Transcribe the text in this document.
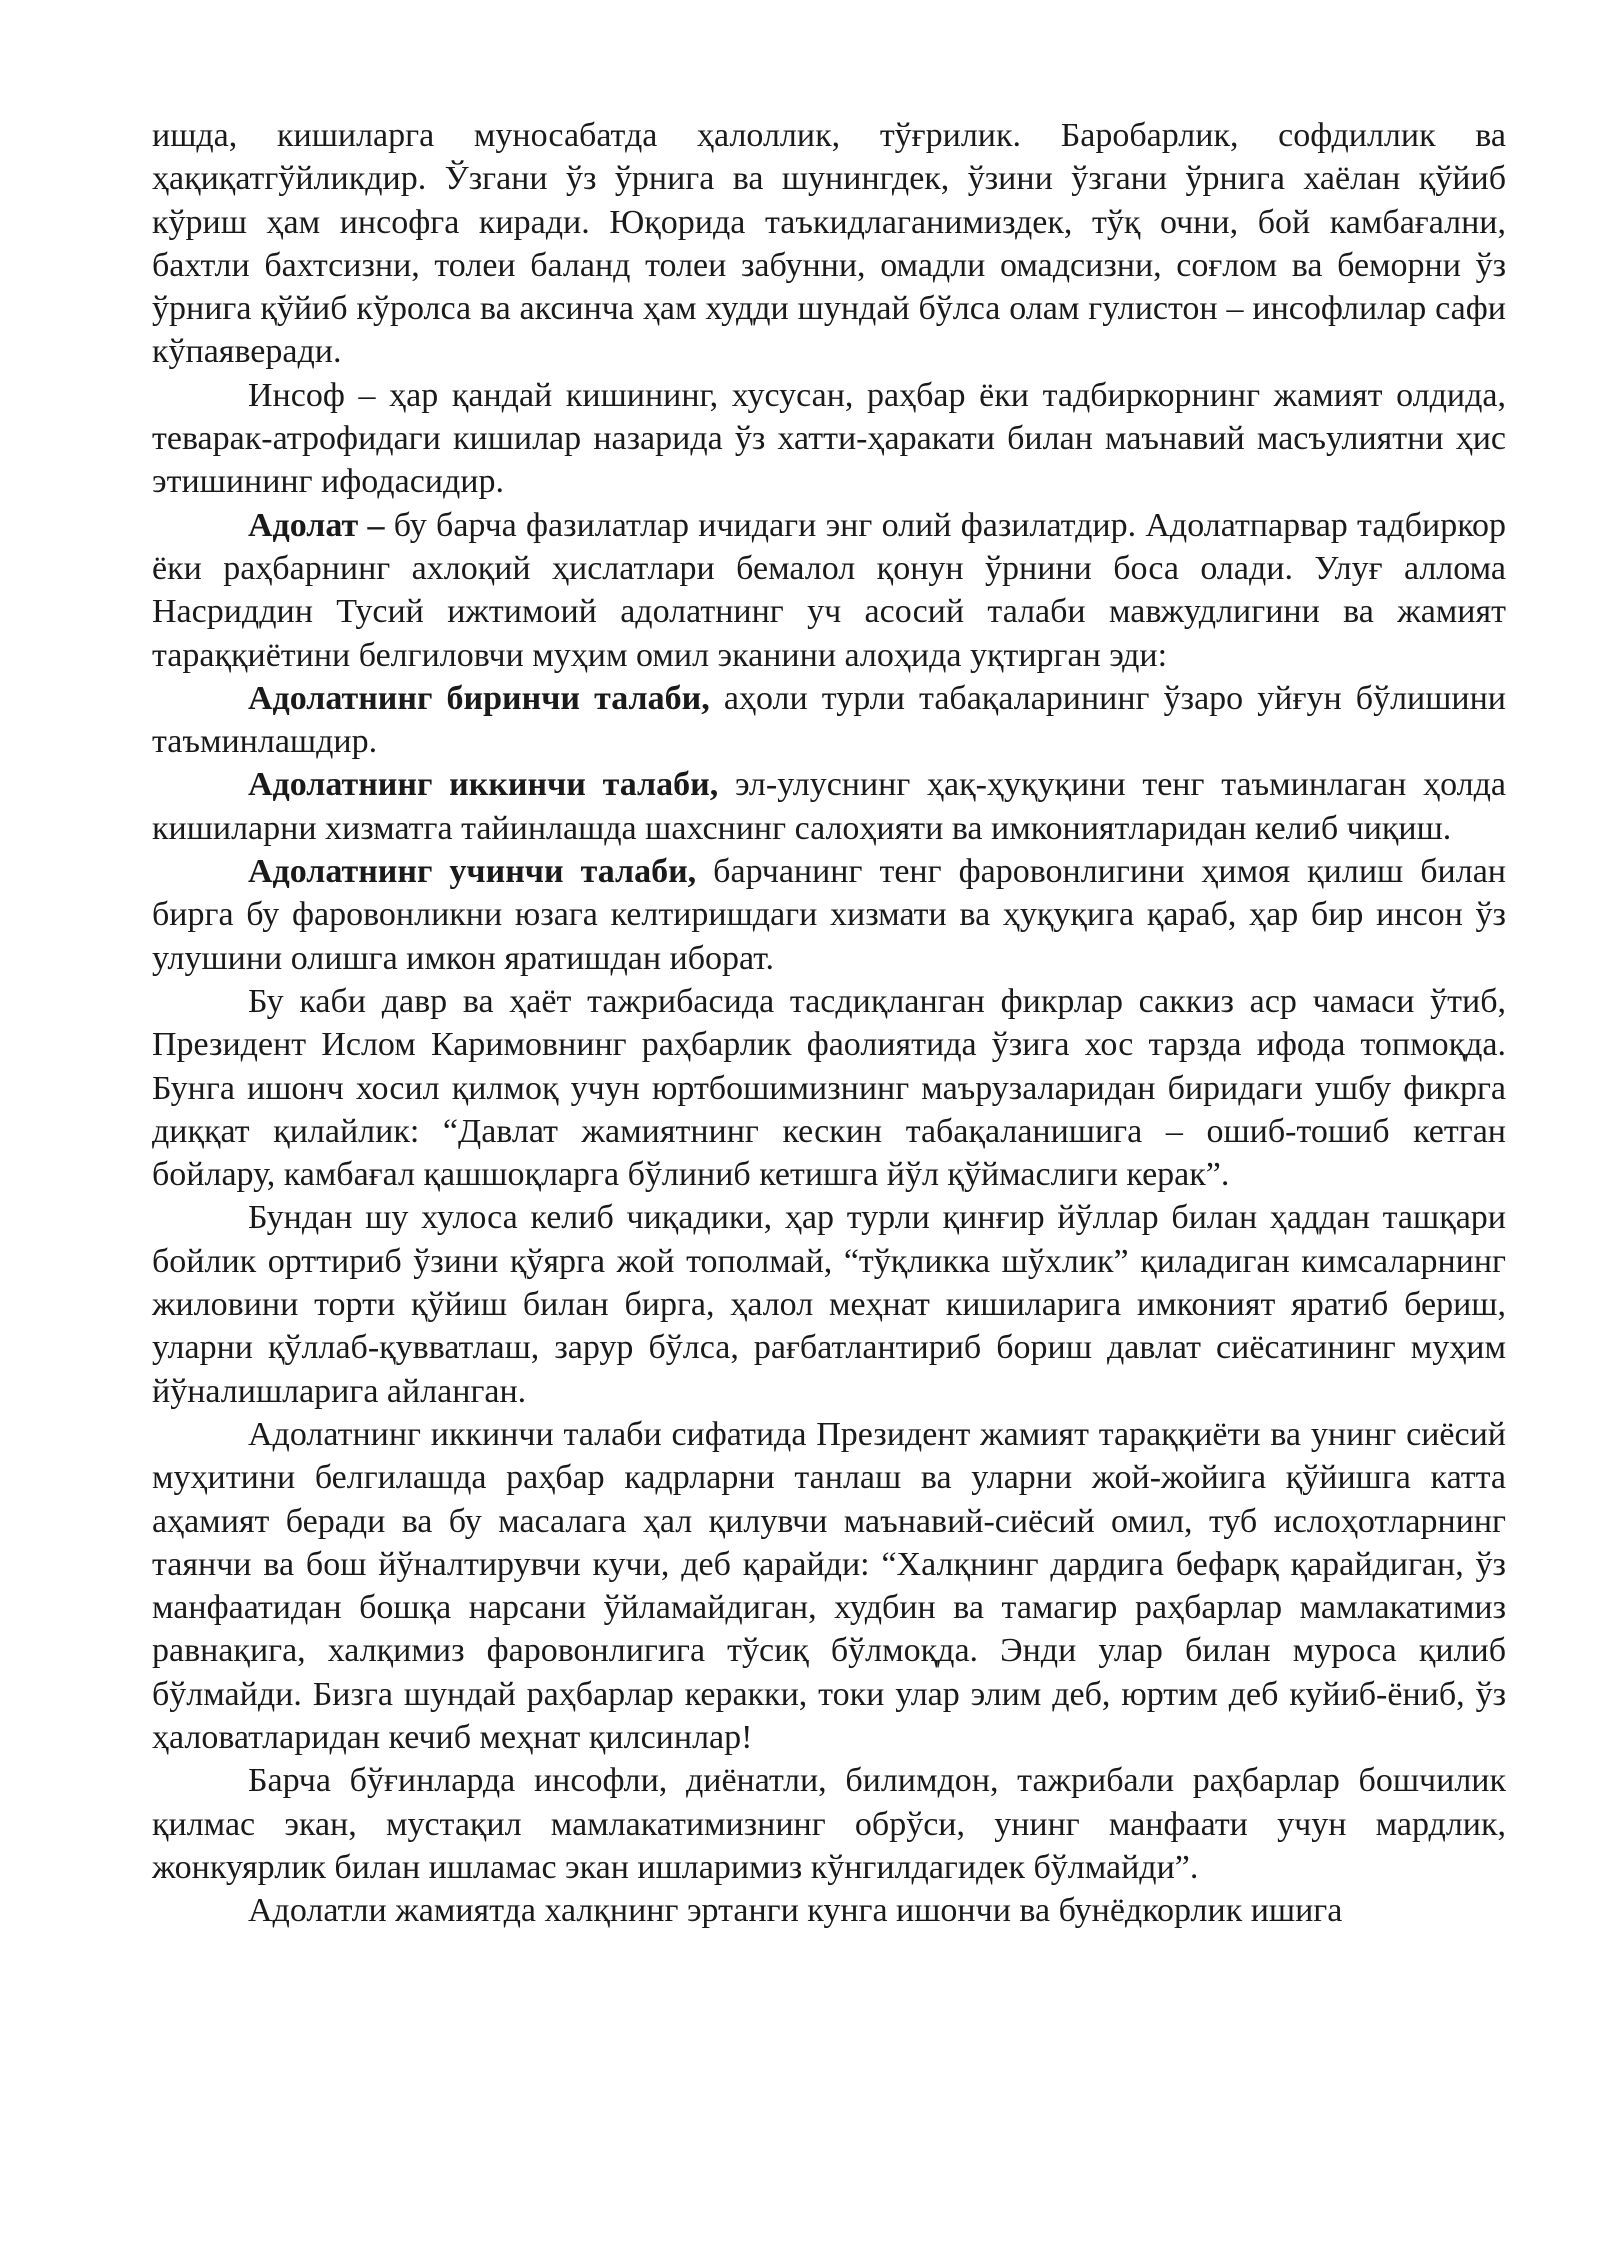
ишда, кишиларга муносабатда ҳалоллик, тўғрилик. Баробарлик, софдиллик ва ҳақиқатгўйликдир. Ўзгани ўз ўрнига ва шунингдек, ўзини ўзгани ўрнига хаёлан қўйиб кўриш ҳам инсофга киради. Юқорида таъкидлаганимиздек, тўқ очни, бой камбағални, бахтли бахтсизни, толеи баланд толеи забунни, омадли омадсизни, соғлом ва беморни ўз ўрнига қўйиб кўролса ва аксинча ҳам худди шундай бўлса олам гулистон – инсофлилар сафи кўпаяверади.

Инсоф – ҳар қандай кишининг, хусусан, раҳбар ёки тадбиркорнинг жамият олдида, теварак-атрофидаги кишилар назарида ўз хатти-ҳаракати билан маънавий масъулиятни ҳис этишининг ифодасидир.

Адолат – бу барча фазилатлар ичидаги энг олий фазилатдир. Адолатпарвар тадбиркор ёки раҳбарнинг ахлоқий ҳислатлари бемалол қонун ўрнини боса олади. Улуғ аллома Насриддин Тусий ижтимоий адолатнинг уч асосий талаби мавжудлигини ва жамият тараққиётини белгиловчи муҳим омил эканини алоҳида уқтирган эди:

Адолатнинг биринчи талаби, аҳоли турли табақаларининг ўзаро уйғун бўлишини таъминлашдир.

Адолатнинг иккинчи талаби, эл-улуснинг ҳақ-ҳуқуқини тенг таъминлаган ҳолда кишиларни хизматга тайинлашда шахснинг салоҳияти ва имкониятларидан келиб чиқиш.

Адолатнинг учинчи талаби, барчанинг тенг фаровонлигини ҳимоя қилиш билан бирга бу фаровонликни юзага келтиришдаги хизмати ва ҳуқуқига қараб, ҳар бир инсон ўз улушини олишга имкон яратишдан иборат.

Бу каби давр ва ҳаёт тажрибасида тасдиқланган фикрлар саккиз аср чамаси ўтиб, Президент Ислом Каримовнинг раҳбарлик фаолиятида ўзига хос тарзда ифода топмоқда. Бунга ишонч хосил қилмоқ учун юртбошимизнинг маърузаларидан биридаги ушбу фикрга диққат қилайлик: “Давлат жамиятнинг кескин табақаланишига – ошиб-тошиб кетган бойлару, камбағал қашшоқларга бўлиниб кетишга йўл қўймаслиги керак”.

Бундан шу хулоса келиб чиқадики, ҳар турли қинғир йўллар билан ҳаддан ташқари бойлик орттириб ўзини қўярга жой тополмай, “тўқликка шўхлик” қиладиган кимсаларнинг жиловини торти қўйиш билан бирга, ҳалол меҳнат кишиларига имконият яратиб бериш, уларни қўллаб-қувватлаш, зарур бўлса, рағбатлантириб бориш давлат сиёсатининг муҳим йўналишларига айланган.

Адолатнинг иккинчи талаби сифатида Президент жамият тараққиёти ва унинг сиёсий муҳитини белгилашда раҳбар кадрларни танлаш ва уларни жой-жойига қўйишга катта аҳамият беради ва бу масалага ҳал қилувчи маънавий-сиёсий омил, туб ислоҳотларнинг таянчи ва бош йўналтирувчи кучи, деб қарайди: “Халқнинг дардига бефарқ қарайдиган, ўз манфаатидан бошқа нарсани ўйламайдиган, худбин ва тамагир раҳбарлар мамлакатимиз равнақига, халқимиз фаровонлигига тўсиқ бўлмоқда. Энди улар билан муроса қилиб бўлмайди. Бизга шундай раҳбарлар керакки, токи улар элим деб, юртим деб куйиб-ёниб, ўз ҳаловатларидан кечиб меҳнат қилсинлар!

Барча бўғинларда инсофли, диёнатли, билимдон, тажрибали раҳбарлар бошчилик қилмас экан, мустақил мамлакатимизнинг обрўси, унинг манфаати учун мардлик, жонкуярлик билан ишламас экан ишларимиз кўнгилдагидек бўлмайди”.

Адолатли жамиятда халқнинг эртанги кунга ишончи ва бунёдкорлик ишига
